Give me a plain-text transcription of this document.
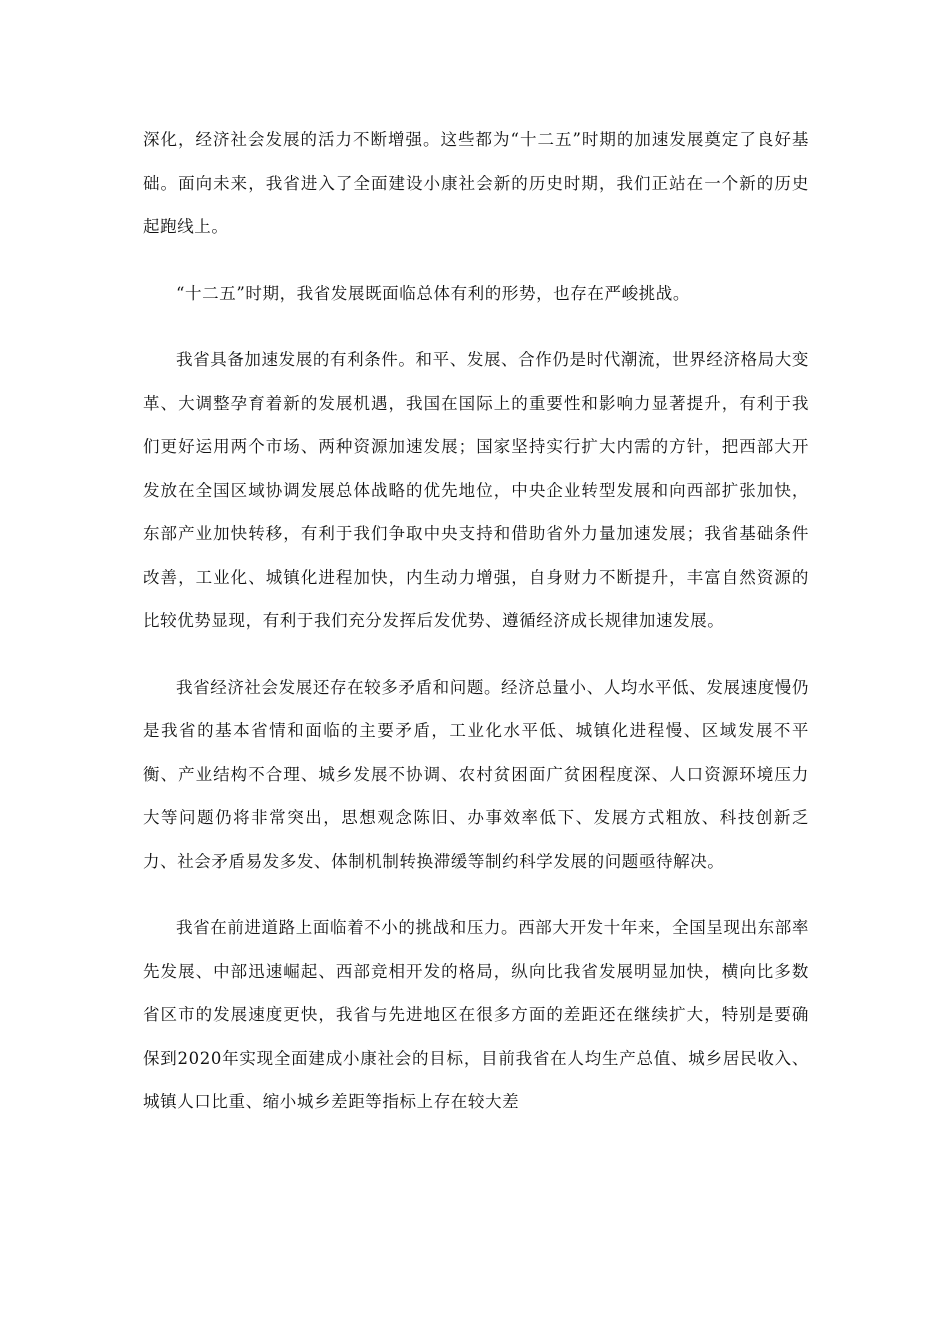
深化，经济社会发展的活力不断增强。这些都为“十二五”时期的加速发展奠定了良好基础。面向未来，我省进入了全面建设小康社会新的历史时期，我们正站在一个新的历史起跑线上。

“十二五”时期，我省发展既面临总体有利的形势，也存在严峻挑战。

我省具备加速发展的有利条件。和平、发展、合作仍是时代潮流，世界经济格局大变革、大调整孕育着新的发展机遇，我国在国际上的重要性和影响力显著提升，有利于我们更好运用两个市场、两种资源加速发展；国家坚持实行扩大内需的方针，把西部大开发放在全国区域协调发展总体战略的优先地位，中央企业转型发展和向西部扩张加快，东部产业加快转移，有利于我们争取中央支持和借助省外力量加速发展；我省基础条件改善，工业化、城镇化进程加快，内生动力增强，自身财力不断提升，丰富自然资源的比较优势显现，有利于我们充分发挥后发优势、遵循经济成长规律加速发展。

我省经济社会发展还存在较多矛盾和问题。经济总量小、人均水平低、发展速度慢仍是我省的基本省情和面临的主要矛盾，工业化水平低、城镇化进程慢、区域发展不平衡、产业结构不合理、城乡发展不协调、农村贫困面广贫困程度深、人口资源环境压力大等问题仍将非常突出，思想观念陈旧、办事效率低下、发展方式粗放、科技创新乏力、社会矛盾易发多发、体制机制转换滞缓等制约科学发展的问题亟待解决。

我省在前进道路上面临着不小的挑战和压力。西部大开发十年来，全国呈现出东部率先发展、中部迅速崛起、西部竞相开发的格局，纵向比我省发展明显加快，横向比多数省区市的发展速度更快，我省与先进地区在很多方面的差距还在继续扩大，特别是要确保到2020年实现全面建成小康社会的目标，目前我省在人均生产总值、城乡居民收入、城镇人口比重、缩小城乡差距等指标上存在较大差
